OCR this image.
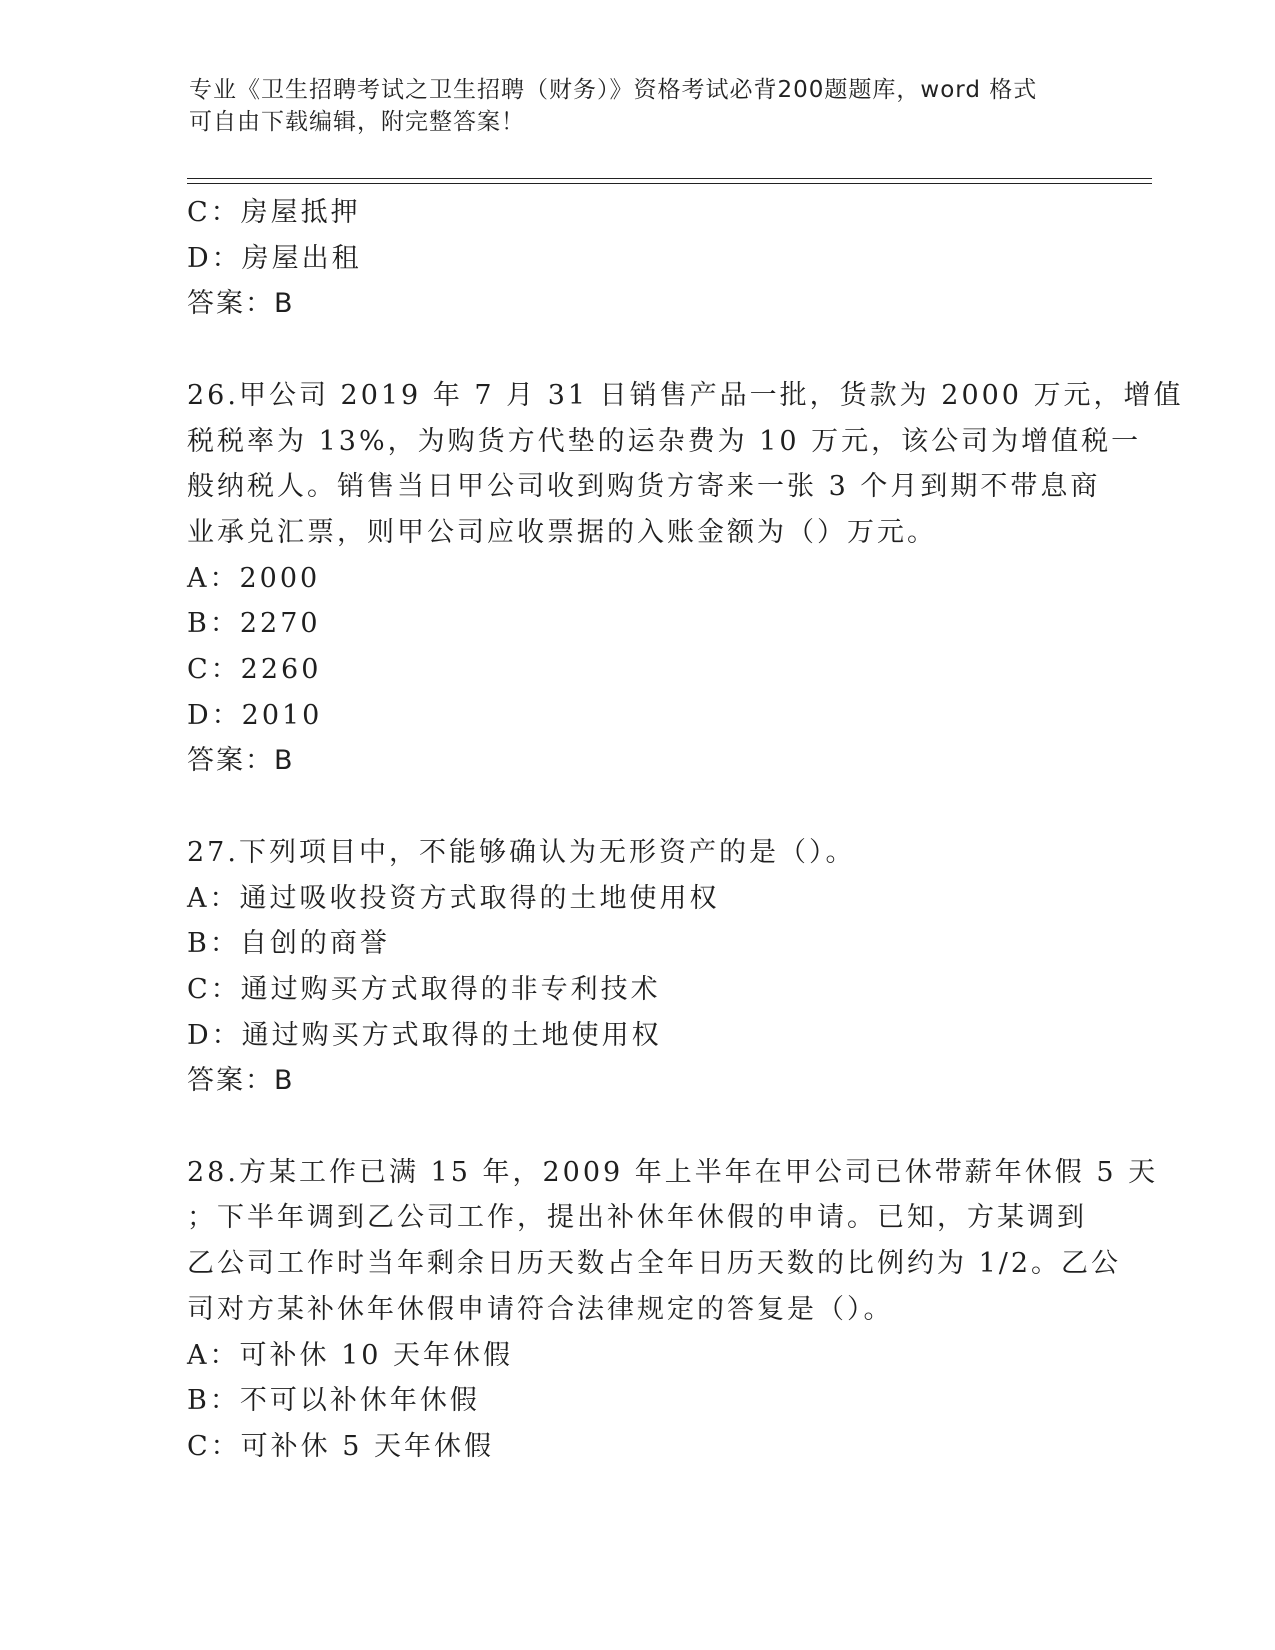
专业《卫生招聘考试之卫生招聘（财务）》资格考试必背200题题库，word 格式
可自由下载编辑，附完整答案！
C：房屋抵押
D：房屋出租
答案：B
26.甲公司 2019 年 7 月 31 日销售产品一批，货款为 2000 万元，增值
税税率为 13%，为购货方代垫的运杂费为 10 万元，该公司为增值税一
般纳税人。销售当日甲公司收到购货方寄来一张 3 个月到期不带息商
业承兑汇票，则甲公司应收票据的入账金额为（）万元。
A：2000
B：2270
C：2260
D：2010
答案：B
27.下列项目中，不能够确认为无形资产的是（）。
A：通过吸收投资方式取得的土地使用权
B：自创的商誉
C：通过购买方式取得的非专利技术
D：通过购买方式取得的土地使用权
答案：B
28.方某工作已满 15 年，2009 年上半年在甲公司已休带薪年休假 5 天
；下半年调到乙公司工作，提出补休年休假的申请。已知，方某调到
乙公司工作时当年剩余日历天数占全年日历天数的比例约为 1/2。乙公
司对方某补休年休假申请符合法律规定的答复是（）。
A：可补休 10 天年休假
B：不可以补休年休假
C：可补休 5 天年休假
